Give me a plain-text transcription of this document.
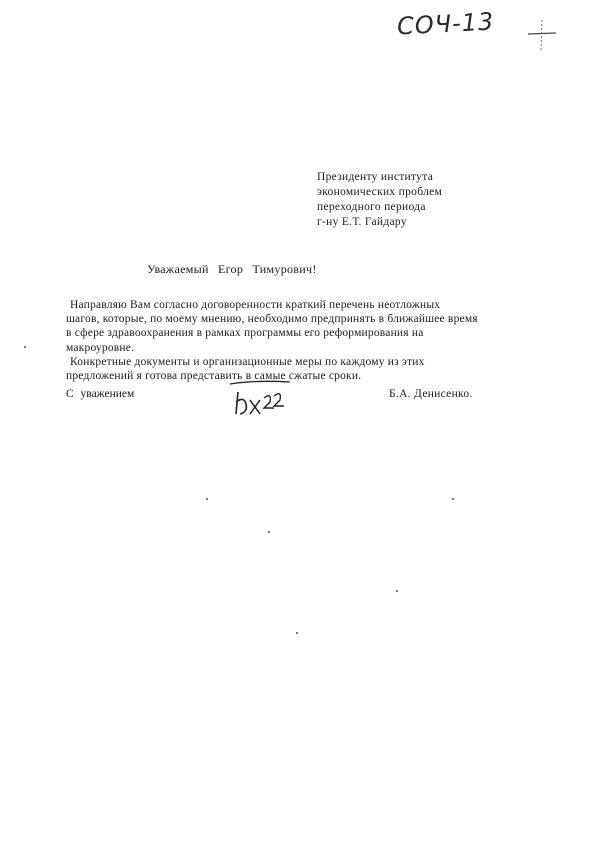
COЧ-13
Президенту института
экономических проблем
переходного периода
г-ну Е.Т. Гайдару
Уважаемый Егор Тимурович!

Направляю Вам согласно договоренности краткий перечень неотложных

шагов, которые, по моему мнению, необходимо предпринять в ближайшее время

в сфере здравоохранения в рамках программы его реформирования на

макроуровне.

Конкретные документы и организационные меры по каждому из этих

предложений я готова представить в самые сжатые сроки.

С уважением	Б.А. Денисенко.
